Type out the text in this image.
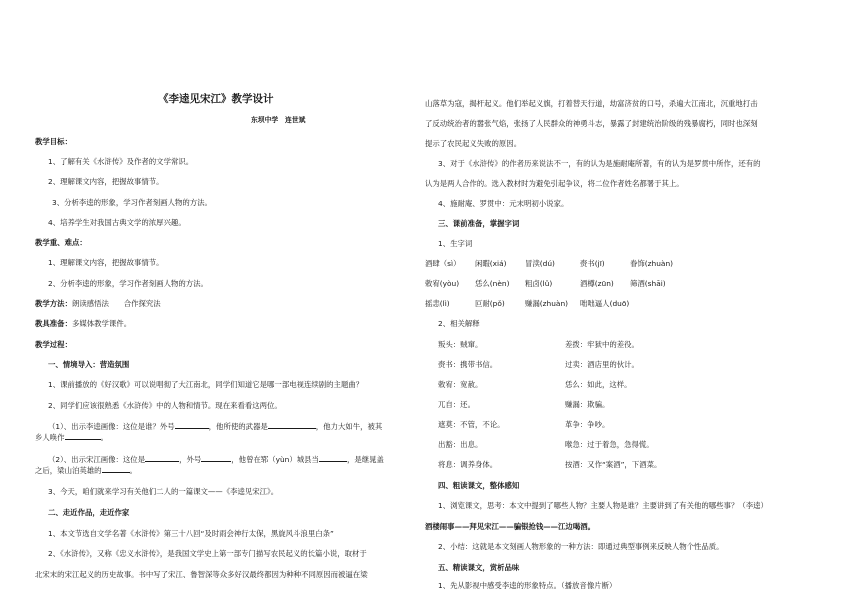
《李逵见宋江》教学设计
东坝中学　连世斌
教学目标：
1、了解有关《水浒传》及作者的文学常识。
2、理解课文内容，把握故事情节。
3、分析李逵的形象，学习作者刻画人物的方法。
4、培养学生对我国古典文学的浓厚兴趣。
教学重、难点：
1、理解课文内容，把握故事情节。
2、分析李逵的形象，学习作者刻画人物的方法。
教学方法：朗读感悟法　　合作探究法
教具准备：多媒体教学课件。
教学过程：
一、情境导入：营造氛围
1、课前播放的《好汉歌》可以说唱彻了大江南北，同学们知道它是哪一部电视连续剧的主题曲？
2、同学们应该很熟悉《水浒传》中的人物和情节。现在来看看这两位。
（1）、出示李逵画像：这位是谁？外号	，他所使的武器是	，他力大如牛，被其
乡人唤作	。
（2）、出示宋江画像：这位是	，外号	，他曾在郓（yùn）城县当	，是继晁盖
之后，梁山泊英雄的	。
3、今天，咱们就来学习有关他们二人的一篇课文——《李逵见宋江》。
二、走近作品，走近作家
1、本文节选自文学名著《水浒传》第三十八回“及时雨会神行太保，黑旋风斗浪里白条”
2、《水浒传》，又称《忠义水浒传》，是我国文学史上第一部专门描写农民起义的长篇小说，取材于
北宋末的宋江起义的历史故事。书中写了宋江、鲁智深等众多好汉最终都因为种种不同原因而被逼在梁
山落草为寇，揭杆起义。他们举起义旗，打着替天行道，劫富济贫的口号，杀遍大江南北，沉重地打击
了反动统治者的嚣张气焰，张扬了人民群众的神勇斗志，暴露了封建统治阶级的残暴腐朽，同时也深刻
提示了农民起义失败的原因。
3、对于《水浒传》的作者历来说法不一，有的认为是施耐庵所著，有的认为是罗贯中所作，还有的
认为是两人合作的。选入教材时为避免引起争议，将二位作者姓名都署于其上。
4、施耐庵、罗贯中：元末明初小说家。
三、课前准备，掌握字词
1、生字词
酒肆（sì） 闲暇(xiá) 冒渎(dú)	赍书(jī)	眷饰(zhuàn)
敕宥(yòu) 恁么(nèn) 粗卤(lǔ)	酒樽(zūn) 筛酒(shāi)
摇恚(lì)	叵耐(pǒ)	赚漏(zhuàn) 咄咄逼人(duō)
2、相关解释
叛头：贼窜。	差拨：牢狱中的差役。
赍书：携带书信。	过卖：酒店里的伙计。
敕宥：宽赦。	恁么：如此，这样。
兀自：还。	赚漏：欺骗。
遮莫：不管，不论。	革争：争吵。
出豁：出息。	喉急：过于着急，急得慌。
将息：调养身体。	按酒：又作“案酒”，下酒菜。
四、粗读课文，整体感知
1、浏览课文，思考：本文中提到了哪些人物？主要人物是谁？主要讲到了有关他的哪些事？（李逵）
酒楼闹事——拜见宋江——骗银抢钱——江边喝酒。
2、小结：这就是本文刻画人物形象的一种方法：即通过典型事例来反映人物个性品质。
五、精读课文，赏析品味
1、先从影视中感受李逵的形象特点。（播放音像片断）
